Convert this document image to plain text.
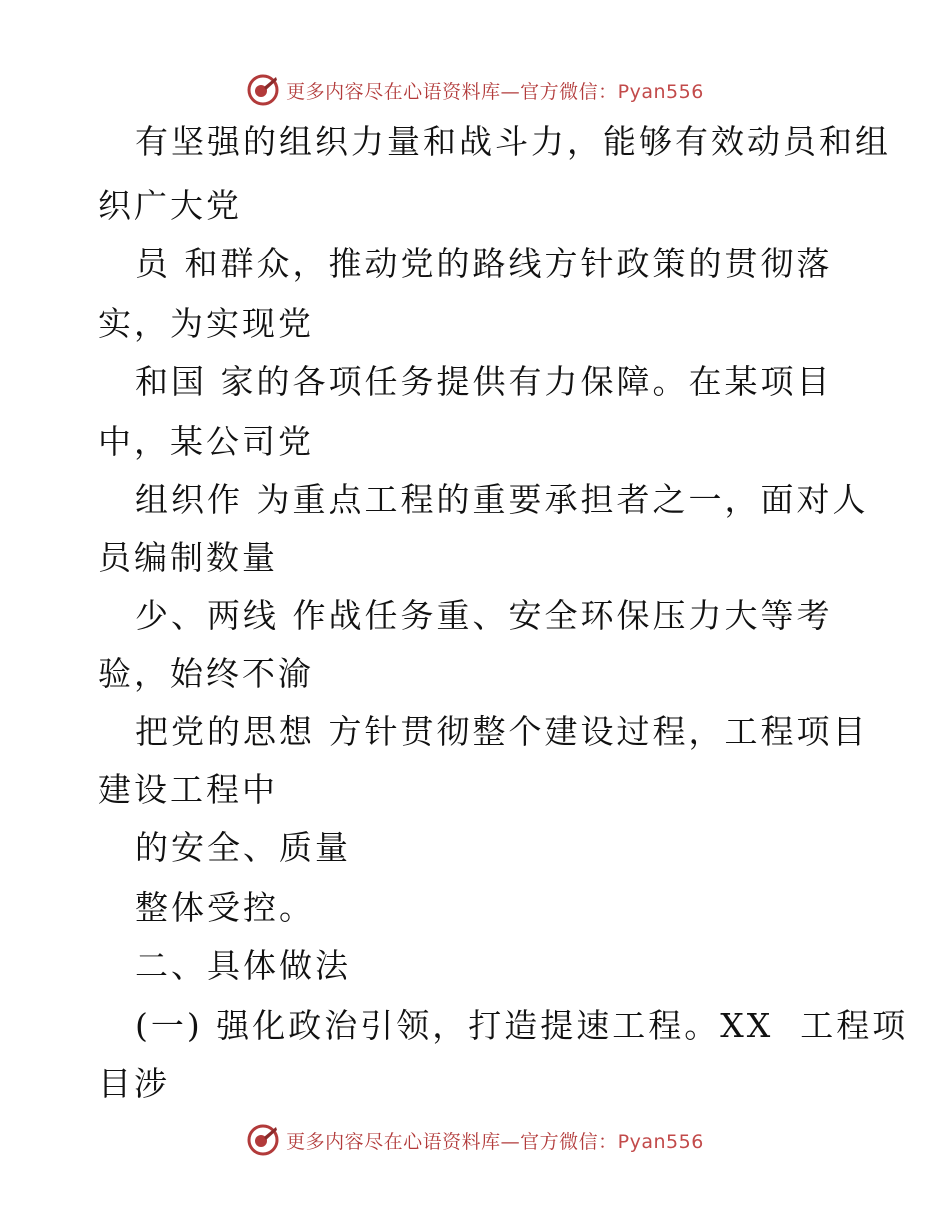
更多内容尽在心语资料库—官方微信：Pyan556
有坚强的组织力量和战斗力，能够有效动员和组
织广大党
员 和群众，推动党的路线方针政策的贯彻落
实，为实现党
和国 家的各项任务提供有力保障。在某项目
中，某公司党
组织作 为重点工程的重要承担者之一，面对人
员编制数量
少、两线 作战任务重、安全环保压力大等考
验，始终不渝
把党的思想 方针贯彻整个建设过程，工程项目
建设工程中
的安全、质量
整体受控。
二、具体做法
(一) 强化政治引领，打造提速工程。XX  工程项
目涉
更多内容尽在心语资料库—官方微信：Pyan556
